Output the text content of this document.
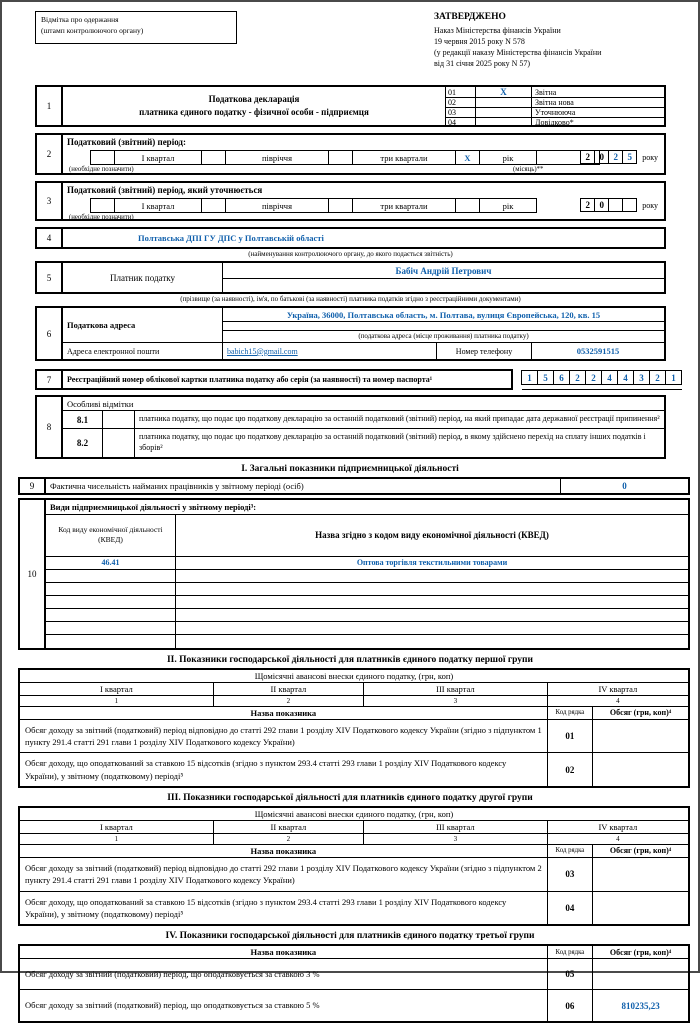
Відмітка про одержання
(штамп контролюючого органу)
ЗАТВЕРДЖЕНО
Наказ Міністерства фінансів України
19 червня 2015 року N 578
(у редакції наказу Міністерства фінансів України
від 31 січня 2025 року N 57)
1
Податкова декларація
платника єдиного податку - фізичної особи - підприємця
01	X	Звітна
02	Звітна нова
03	Уточнююча
04	Довідково*
2
Податковий (звітний) період:
І квартал	півріччя	три квартали	X	рік
(необхідне позначити)	(місяць)**
2	0	2	5	року
3
Податковий (звітний) період, який уточнюється
І квартал	півріччя	три квартали	рік
(необхідне позначити)
2	0	року
4	Полтавська ДПІ ГУ ДПС у Полтавській області
(найменування контролюючого органу, до якого подається звітність)
5	Платник податку
Бабіч Андрій Петрович
(прізвище (за наявності), ім'я, по батькові (за наявності) платника податків згідно з реєстраційними документами)
6
Податкова адреса
Україна, 36000, Полтавська область, м. Полтава, вулиця Європейська, 120, кв. 15
(податкова адреса (місце проживання) платника податку)
Адреса електронної пошти	babich15@gmail.com	Номер телефону	0532591515
7	Реєстраційний номер облікової картки платника податку або серія (за наявності) та номер паспорта¹	1	5	6	2	2	4	4	3	2	1
8
Особливі відмітки
8.1	платника податку, що подає цю податкову декларацію за останній податковий (звітний) період, на який припадає дата державної реєстрації припинення²
8.2
платника податку, що подає цю податкову декларацію за останній податковий (звітний) період, в якому здійснено перехід на сплату інших податків і зборів²
І. Загальні показники підприємницької діяльності
9	Фактична чисельність найманих працівників у звітному періоді (осіб)	0
10
Види підприємницької діяльності у звітному періоді³:
Код виду економічної діяльності (КВЕД)	Назва згідно з кодом виду економічної діяльності (КВЕД)
46.41	Оптова торгівля текстильними товарами
ІІ. Показники господарської діяльності для платників єдиного податку першої групи
Щомісячні авансові внески єдиного податку, (грн, коп)
І квартал	ІІ квартал	ІІІ квартал	IV квартал
1	2	3	4
Назва показника	Код рядка	Обсяг (грн, коп)⁴
Обсяг доходу за звітний (податковий) період відповідно до статті 292 глави 1 розділу XIV Податкового кодексу України (згідно з підпунктом 1 пункту 291.4 статті 291 глави 1 розділу XIV Податкового кодексу України)
01
Обсяг доходу, що оподаткований за ставкою 15 відсотків (згідно з пунктом 293.4 статті 293 глави 1 розділу XIV Податкового кодексу України), у звітному (податковому) періоді⁵
02
ІІІ. Показники господарської діяльності для платників єдиного податку другої групи
Щомісячні авансові внески єдиного податку, (грн, коп)
І квартал	ІІ квартал	ІІІ квартал	IV квартал
1	2	3	4
Назва показника	Код рядка	Обсяг (грн, коп)⁴
Обсяг доходу за звітний (податковий) період відповідно до статті 292 глави 1 розділу XIV Податкового кодексу України (згідно з підпунктом 2 пункту 291.4 статті 291 глави 1 розділу XIV Податкового кодексу України)
03
Обсяг доходу, що оподаткований за ставкою 15 відсотків (згідно з пунктом 293.4 статті 293 глави 1 розділу XIV Податкового кодексу України), у звітному (податковому) періоді⁵
04
IV. Показники господарської діяльності для платників єдиного податку третьої групи
Назва показника	Код рядка	Обсяг (грн, коп)⁴
Обсяг доходу за звітний (податковий) період, що оподатковується за ставкою 3 %	05
Обсяг доходу за звітний (податковий) період, що оподатковується за ставкою 5 %	06	810235,23
